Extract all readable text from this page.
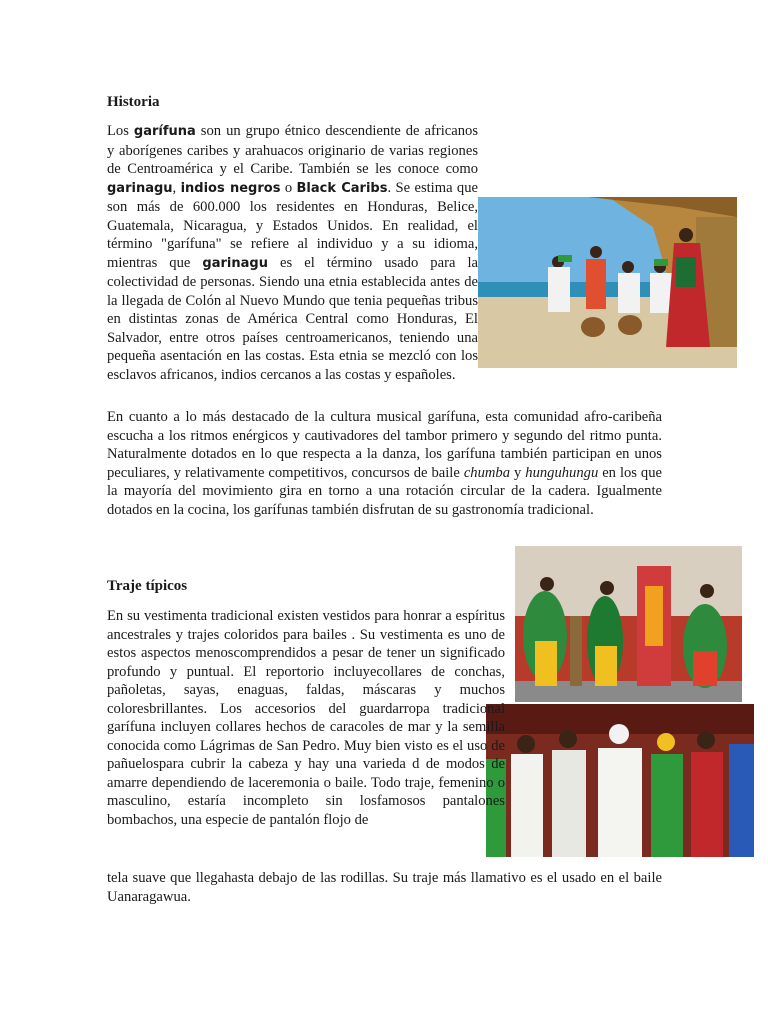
Historia

Los garífuna son un grupo étnico descendiente de africanos y aborígenes caribes y arahuacos originario de varias regiones de Centroamérica y el Caribe. También se les conoce como garinagu, indios negros o Black Caribs. Se estima que son más de 600.000 los residentes en Honduras, Belice, Guatemala, Nicaragua, y Estados Unidos. En realidad, el término "garífuna" se refiere al individuo y a su idioma, mientras que garinagu es el término usado para la colectividad de personas. Siendo una etnia establecida antes de la llegada de Colón al Nuevo Mundo que tenia pequeñas tribus en distintas zonas de América Central como Honduras, El Salvador, entre otros países centroamericanos, teniendo una pequeña asentación en las costas. Esta etnia se mezcló con los esclavos africanos, indios cercanos a las costas y españoles.

En cuanto a lo más destacado de la cultura musical garífuna, esta comunidad afro-caribeña escucha a los ritmos enérgicos y cautivadores del tambor primero y segundo del ritmo punta. Naturalmente dotados en lo que respecta a la danza, los garífuna también participan en unos peculiares, y relativamente competitivos, concursos de baile chumba y hunguhungu en los que la mayoría del movimiento gira en torno a una rotación circular de la cadera. Igualmente dotados en la cocina, los garífunas también disfrutan de su gastronomía tradicional.

Traje típicos

En su vestimenta tradicional existen vestidos para honrar a espíritus ancestrales y trajes coloridos para bailes . Su vestimenta es uno de estos aspectos menoscomprendidos a pesar de tener un significado profundo y puntual. El reportorio incluyecollares de conchas, pañoletas, sayas, enaguas, faldas, máscaras y muchos coloresbrillantes. Los accesorios del guardarropa tradicional garífuna incluyen collares hechos de caracoles de mar y la semilla conocida como Lágrimas de San Pedro. Muy bien visto es el uso de pañuelospara cubrir la cabeza y hay una varieda d de modos de amarre dependiendo de laceremonia o baile. Todo traje, femenino o masculino, estaría incompleto sin losfamosos pantalones bombachos, una especie de pantalón flojo de

tela suave que llegahasta debajo de las rodillas. Su traje más llamativo es el usado en el baile Uanaragawua.
